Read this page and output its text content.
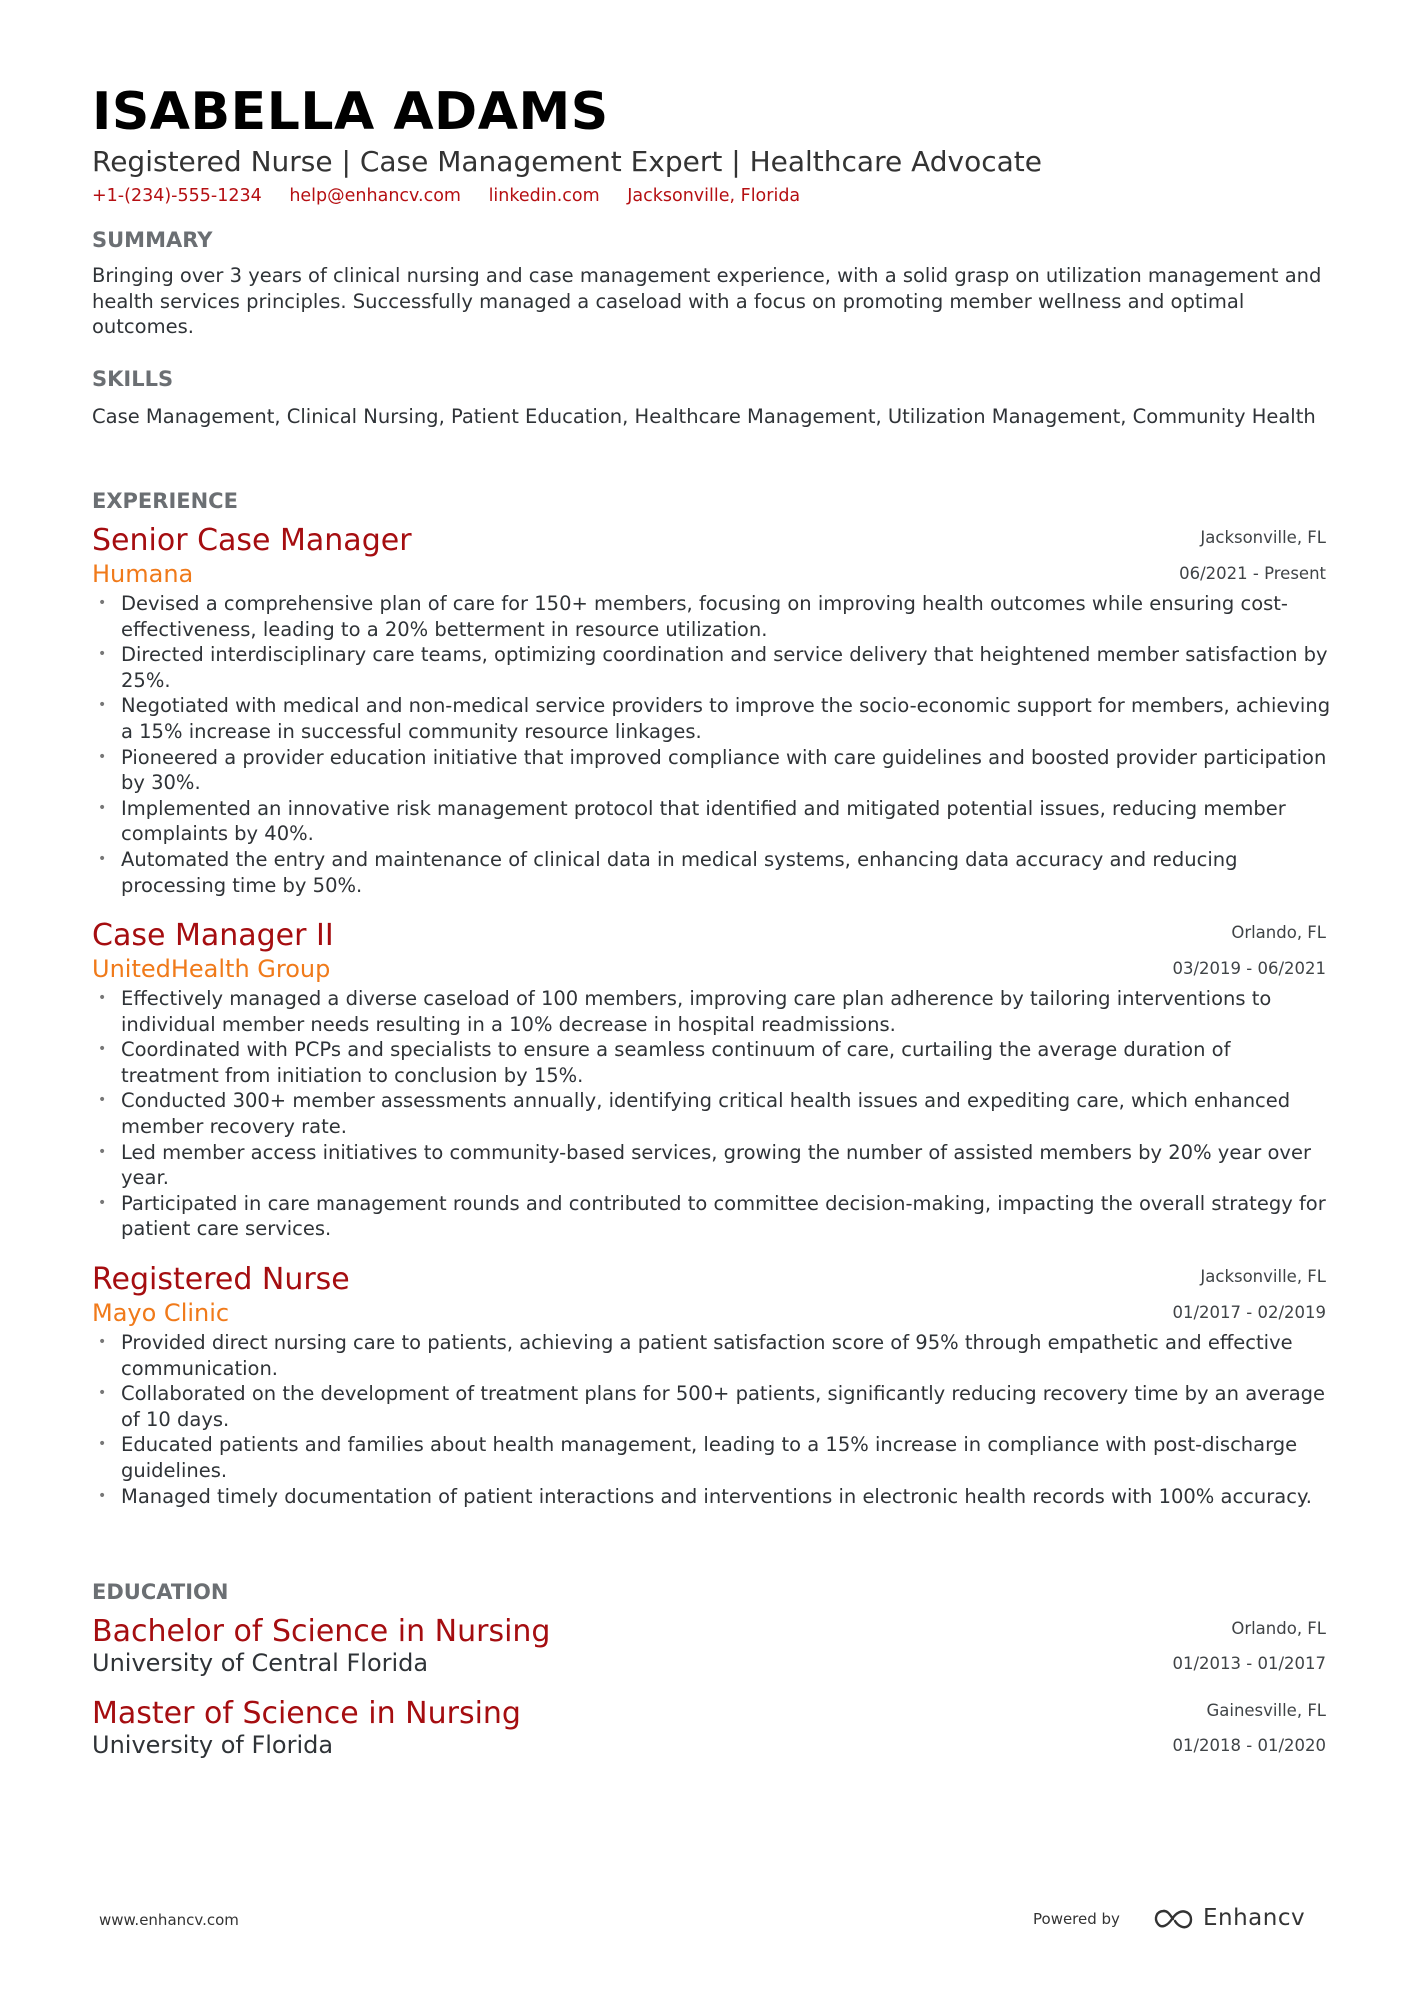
ISABELLA ADAMS
Registered Nurse | Case Management Expert | Healthcare Advocate
+1-(234)-555-1234 help@enhancv.com linkedin.com Jacksonville, Florida
SUMMARY

Bringing over 3 years of clinical nursing and case management experience, with a solid grasp on utilization management and health services principles. Successfully managed a caseload with a focus on promoting member wellness and optimal outcomes.

SKILLS

Case Management, Clinical Nursing, Patient Education, Healthcare Management, Utilization Management, Community Health

EXPERIENCE
Senior Case Manager
Humana
Jacksonville, FL
06/2021 - Present
• Devised a comprehensive plan of care for 150+ members, focusing on improving health outcomes while ensuring cost-effectiveness, leading to a 20% betterment in resource utilization.
• Directed interdisciplinary care teams, optimizing coordination and service delivery that heightened member satisfaction by 25%.
• Negotiated with medical and non-medical service providers to improve the socio-economic support for members, achieving a 15% increase in successful community resource linkages.
• Pioneered a provider education initiative that improved compliance with care guidelines and boosted provider participation by 30%.
• Implemented an innovative risk management protocol that identified and mitigated potential issues, reducing member complaints by 40%.
• Automated the entry and maintenance of clinical data in medical systems, enhancing data accuracy and reducing processing time by 50%.
Case Manager II
UnitedHealth Group
Orlando, FL
03/2019 - 06/2021
• Effectively managed a diverse caseload of 100 members, improving care plan adherence by tailoring interventions to individual member needs resulting in a 10% decrease in hospital readmissions.
• Coordinated with PCPs and specialists to ensure a seamless continuum of care, curtailing the average duration of treatment from initiation to conclusion by 15%.
• Conducted 300+ member assessments annually, identifying critical health issues and expediting care, which enhanced member recovery rate.
• Led member access initiatives to community-based services, growing the number of assisted members by 20% year over year.
• Participated in care management rounds and contributed to committee decision-making, impacting the overall strategy for patient care services.
Registered Nurse
Mayo Clinic
Jacksonville, FL
01/2017 - 02/2019
• Provided direct nursing care to patients, achieving a patient satisfaction score of 95% through empathetic and effective communication.
• Collaborated on the development of treatment plans for 500+ patients, significantly reducing recovery time by an average of 10 days.
• Educated patients and families about health management, leading to a 15% increase in compliance with post-discharge guidelines.
• Managed timely documentation of patient interactions and interventions in electronic health records with 100% accuracy.
EDUCATION
Bachelor of Science in Nursing
University of Central Florida
Orlando, FL
01/2013 - 01/2017
Master of Science in Nursing
University of Florida
Gainesville, FL
01/2018 - 01/2020
www.enhancv.com	Powered by	Enhancv
